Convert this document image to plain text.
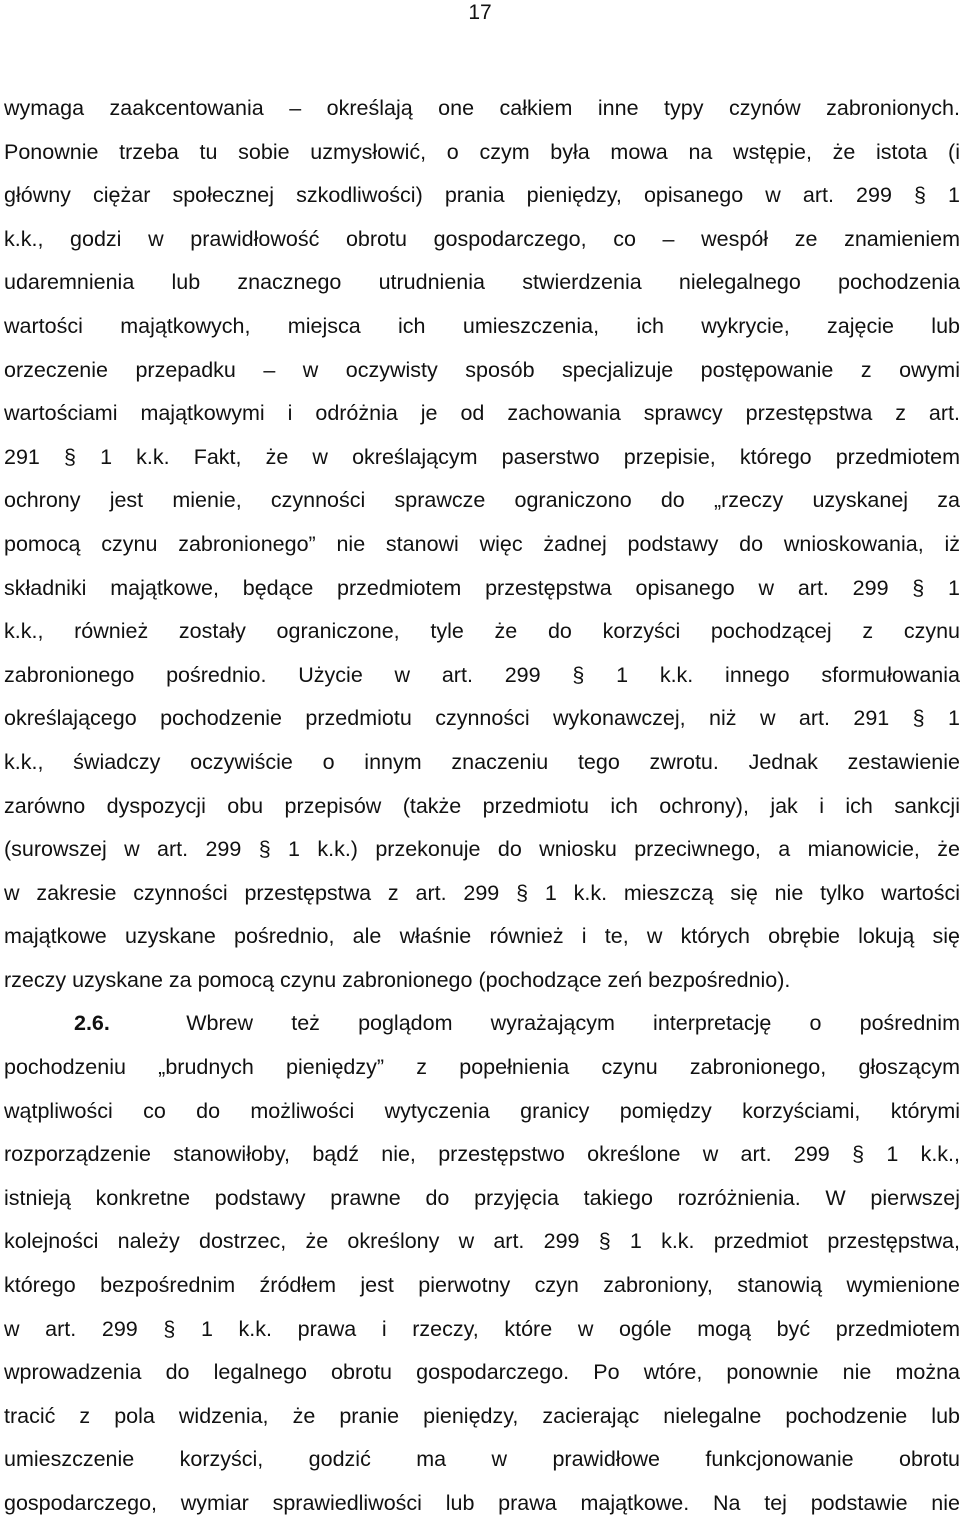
17
wymaga zaakcentowania – określają one całkiem inne typy czynów zabronionych.
Ponownie trzeba tu sobie uzmysłowić, o czym była mowa na wstępie, że istota (i
główny ciężar społecznej szkodliwości) prania pieniędzy, opisanego w art. 299 § 1
k.k., godzi w prawidłowość obrotu gospodarczego, co – wespół ze znamieniem
udaremnienia lub znacznego utrudnienia stwierdzenia nielegalnego pochodzenia
wartości majątkowych, miejsca ich umieszczenia, ich wykrycie, zajęcie lub
orzeczenie przepadku – w oczywisty sposób specjalizuje postępowanie z owymi
wartościami majątkowymi i odróżnia je od zachowania sprawcy przestępstwa z art.
291 § 1 k.k. Fakt, że w określającym paserstwo przepisie, którego przedmiotem
ochrony jest mienie, czynności sprawcze ograniczono do „rzeczy uzyskanej za
pomocą czynu zabronionego” nie stanowi więc żadnej podstawy do wnioskowania, iż
składniki majątkowe, będące przedmiotem przestępstwa opisanego w art. 299 § 1
k.k., również zostały ograniczone, tyle że do korzyści pochodzącej z czynu
zabronionego pośrednio. Użycie w art. 299 § 1 k.k. innego sformułowania
określającego pochodzenie przedmiotu czynności wykonawczej, niż w art. 291 § 1
k.k., świadczy oczywiście o innym znaczeniu tego zwrotu. Jednak zestawienie
zarówno dyspozycji obu przepisów (także przedmiotu ich ochrony), jak i ich sankcji
(surowszej w art. 299 § 1 k.k.) przekonuje do wniosku przeciwnego, a mianowicie, że
w zakresie czynności przestępstwa z art. 299 § 1 k.k. mieszczą się nie tylko wartości
majątkowe uzyskane pośrednio, ale właśnie również i te, w których obrębie lokują się
rzeczy uzyskane za pomocą czynu zabronionego (pochodzące zeń bezpośrednio).
2.6.	Wbrew też poglądom wyrażającym interpretację o pośrednim
pochodzeniu „brudnych pieniędzy” z popełnienia czynu zabronionego, głoszącym
wątpliwości co do możliwości wytyczenia granicy pomiędzy korzyściami, którymi
rozporządzenie stanowiłoby, bądź nie, przestępstwo określone w art. 299 § 1 k.k.,
istnieją konkretne podstawy prawne do przyjęcia takiego rozróżnienia. W pierwszej
kolejności należy dostrzec, że określony w art. 299 § 1 k.k. przedmiot przestępstwa,
którego bezpośrednim źródłem jest pierwotny czyn zabroniony, stanowią wymienione
w art. 299 § 1 k.k. prawa i rzeczy, które w ogóle mogą być przedmiotem
wprowadzenia do legalnego obrotu gospodarczego. Po wtóre, ponownie nie można
tracić z pola widzenia, że pranie pieniędzy, zacierając nielegalne pochodzenie lub
umieszczenie korzyści, godzić ma w prawidłowe funkcjonowanie obrotu
gospodarczego, wymiar sprawiedliwości lub prawa majątkowe. Na tej podstawie nie
